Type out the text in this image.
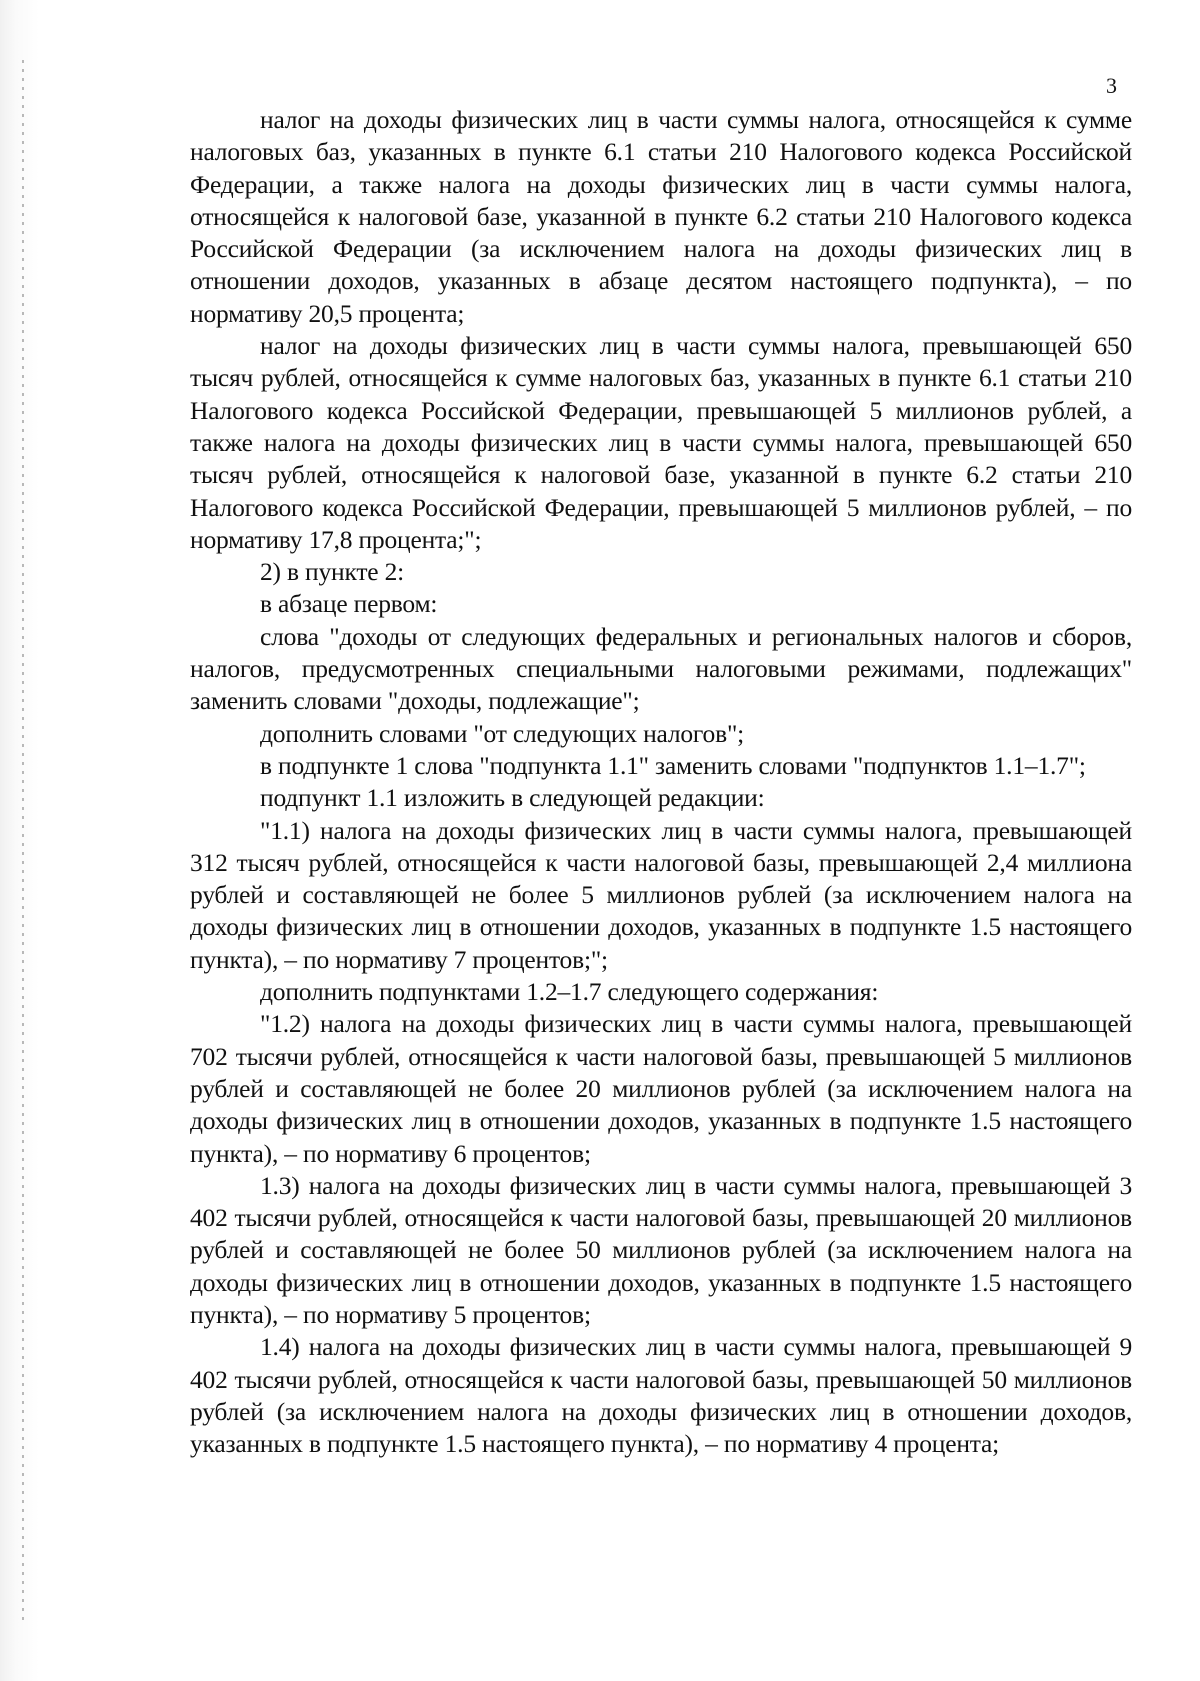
3

налог на доходы физических лиц в части суммы налога, относящейся к сумме налоговых баз, указанных в пункте 6.1 статьи 210 Налогового кодекса Российской Федерации, а также налога на доходы физических лиц в части суммы налога, относящейся к налоговой базе, указанной в пункте 6.2 статьи 210 Налогового кодекса Российской Федерации (за исключением налога на доходы физических лиц в отношении доходов, указанных в абзаце десятом настоящего подпункта), – по нормативу 20,5 процента;

налог на доходы физических лиц в части суммы налога, превышающей 650 тысяч рублей, относящейся к сумме налоговых баз, указанных в пункте 6.1 статьи 210 Налогового кодекса Российской Федерации, превышающей 5 миллионов рублей, а также налога на доходы физических лиц в части суммы налога, превышающей 650 тысяч рублей, относящейся к налоговой базе, указанной в пункте 6.2 статьи 210 Налогового кодекса Российской Федерации, превышающей 5 миллионов рублей, – по нормативу 17,8 процента;";

2) в пункте 2:

в абзаце первом:

слова "доходы от следующих федеральных и региональных налогов и сборов, налогов, предусмотренных специальными налоговыми режимами, подлежащих" заменить словами "доходы, подлежащие";

дополнить словами "от следующих налогов";

в подпункте 1 слова "подпункта 1.1" заменить словами "подпунктов 1.1–1.7";

подпункт 1.1 изложить в следующей редакции:

"1.1) налога на доходы физических лиц в части суммы налога, превышающей 312 тысяч рублей, относящейся к части налоговой базы, превышающей 2,4 миллиона рублей и составляющей не более 5 миллионов рублей (за исключением налога на доходы физических лиц в отношении доходов, указанных в подпункте 1.5 настоящего пункта), – по нормативу 7 процентов;";

дополнить подпунктами 1.2–1.7 следующего содержания:

"1.2) налога на доходы физических лиц в части суммы налога, превышающей 702 тысячи рублей, относящейся к части налоговой базы, превышающей 5 миллионов рублей и составляющей не более 20 миллионов рублей (за исключением налога на доходы физических лиц в отношении доходов, указанных в подпункте 1.5 настоящего пункта), – по нормативу 6 процентов;

1.3) налога на доходы физических лиц в части суммы налога, превышающей 3 402 тысячи рублей, относящейся к части налоговой базы, превышающей 20 миллионов рублей и составляющей не более 50 миллионов рублей (за исключением налога на доходы физических лиц в отношении доходов, указанных в подпункте 1.5 настоящего пункта), – по нормативу 5 процентов;

1.4) налога на доходы физических лиц в части суммы налога, превышающей 9 402 тысячи рублей, относящейся к части налоговой базы, превышающей 50 миллионов рублей (за исключением налога на доходы физических лиц в отношении доходов, указанных в подпункте 1.5 настоящего пункта), – по нормативу 4 процента;
